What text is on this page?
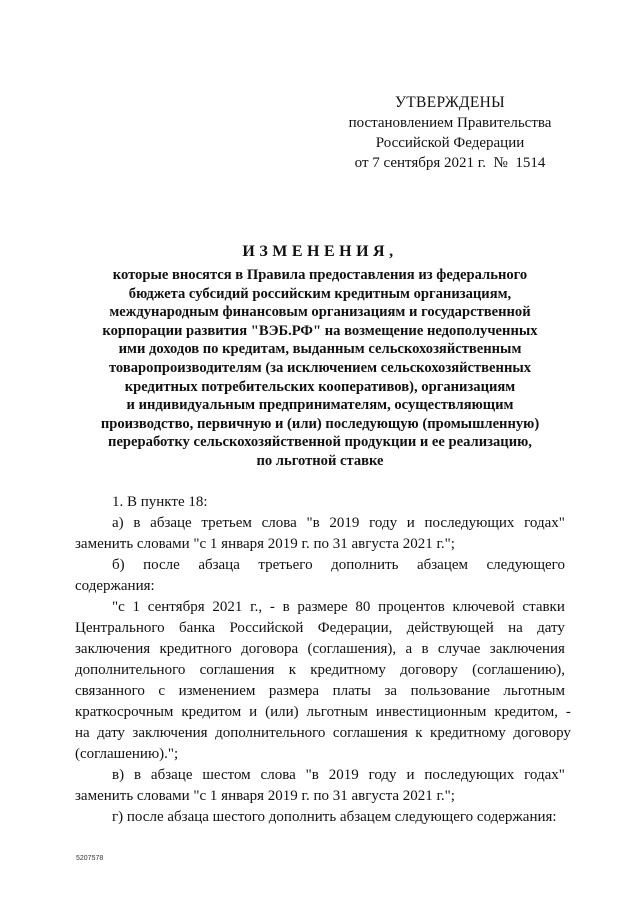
УТВЕРЖДЕНЫ
постановлением Правительства
Российской Федерации
от 7 сентября 2021 г.  №  1514
ИЗМЕНЕНИЯ,
которые вносятся в Правила предоставления из федерального
бюджета субсидий российским кредитным организациям,
международным финансовым организациям и государственной
корпорации развития "ВЭБ.РФ" на возмещение недополученных
ими доходов по кредитам, выданным сельскохозяйственным
товаропроизводителям (за исключением сельскохозяйственных
кредитных потребительских кооперативов), организациям
и индивидуальным предпринимателям, осуществляющим
производство, первичную и (или) последующую (промышленную)
переработку сельскохозяйственной продукции и ее реализацию,
по льготной ставке
1. В пункте 18:
а) в абзаце третьем слова "в 2019 году и последующих годах"
заменить словами "с 1 января 2019 г. по 31 августа 2021 г.";
б) после абзаца третьего дополнить абзацем следующего
содержания:
"с 1 сентября 2021 г., - в размере 80 процентов ключевой ставки
Центрального банка Российской Федерации, действующей на дату
заключения кредитного договора (соглашения), а в случае заключения
дополнительного соглашения к кредитному договору (соглашению),
связанного с изменением размера платы за пользование льготным
краткосрочным кредитом и (или) льготным инвестиционным кредитом, -
на дату заключения дополнительного соглашения к кредитному договору
(соглашению).";
в) в абзаце шестом слова "в 2019 году и последующих годах"
заменить словами "с 1 января 2019 г. по 31 августа 2021 г.";
г) после абзаца шестого дополнить абзацем следующего содержания:
5207578
